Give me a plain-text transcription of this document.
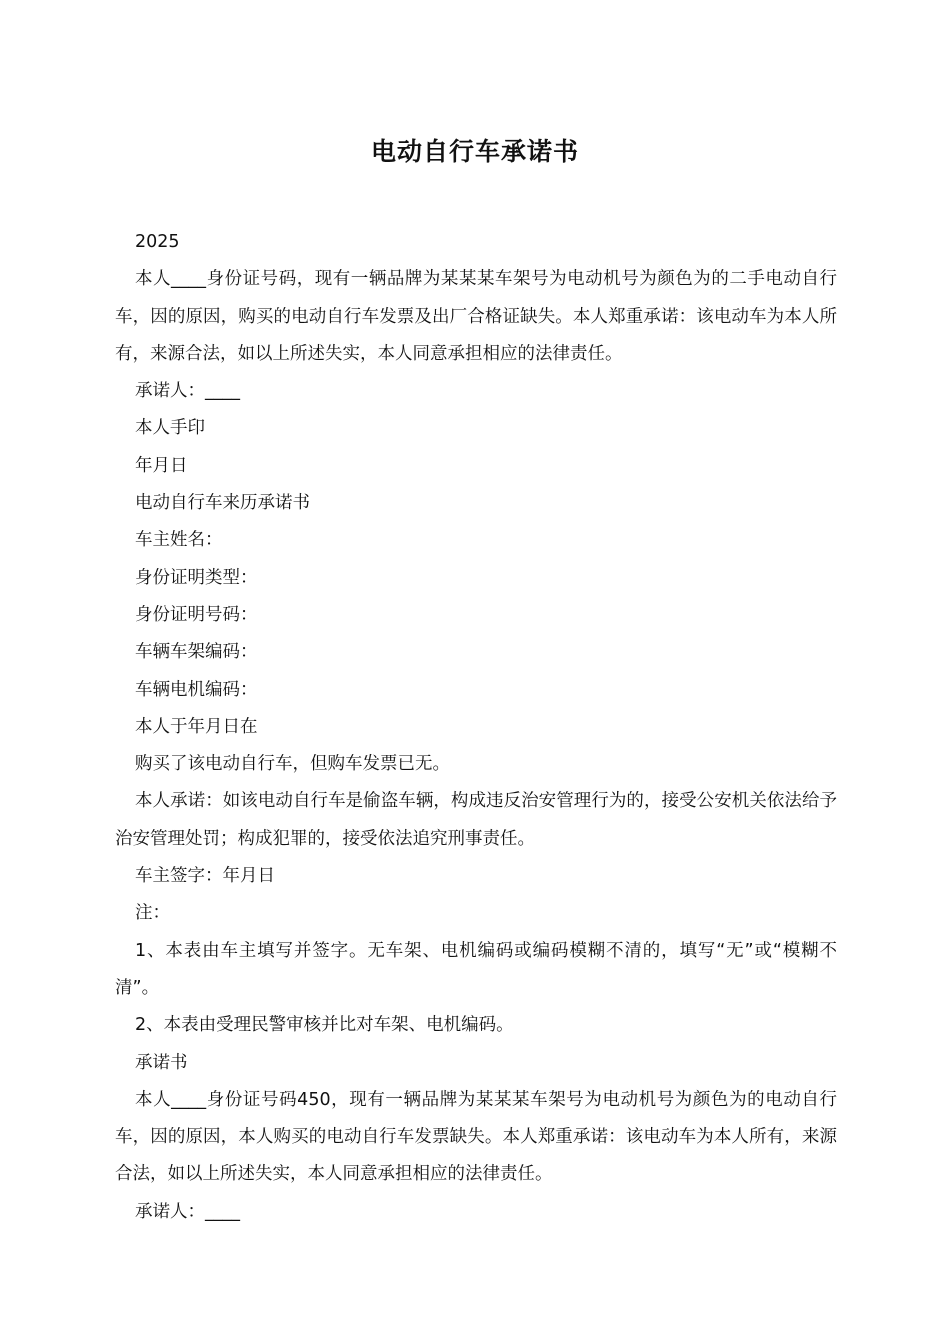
电动自行车承诺书

2025

本人____身份证号码，现有一辆品牌为某某某车架号为电动机号为颜色为的二手电动自行车，因的原因，购买的电动自行车发票及出厂合格证缺失。本人郑重承诺：该电动车为本人所有，来源合法，如以上所述失实，本人同意承担相应的法律责任。

承诺人：____

本人手印

年月日

电动自行车来历承诺书

车主姓名：

身份证明类型：

身份证明号码：

车辆车架编码：

车辆电机编码：

本人于年月日在

购买了该电动自行车，但购车发票已无。

本人承诺：如该电动自行车是偷盗车辆，构成违反治安管理行为的，接受公安机关依法给予治安管理处罚；构成犯罪的，接受依法追究刑事责任。

车主签字：年月日

注：

1、本表由车主填写并签字。无车架、电机编码或编码模糊不清的，填写“无”或“模糊不清”。

2、本表由受理民警审核并比对车架、电机编码。

承诺书

本人____身份证号码450，现有一辆品牌为某某某车架号为电动机号为颜色为的电动自行车，因的原因，本人购买的电动自行车发票缺失。本人郑重承诺：该电动车为本人所有，来源合法，如以上所述失实，本人同意承担相应的法律责任。

承诺人：____
